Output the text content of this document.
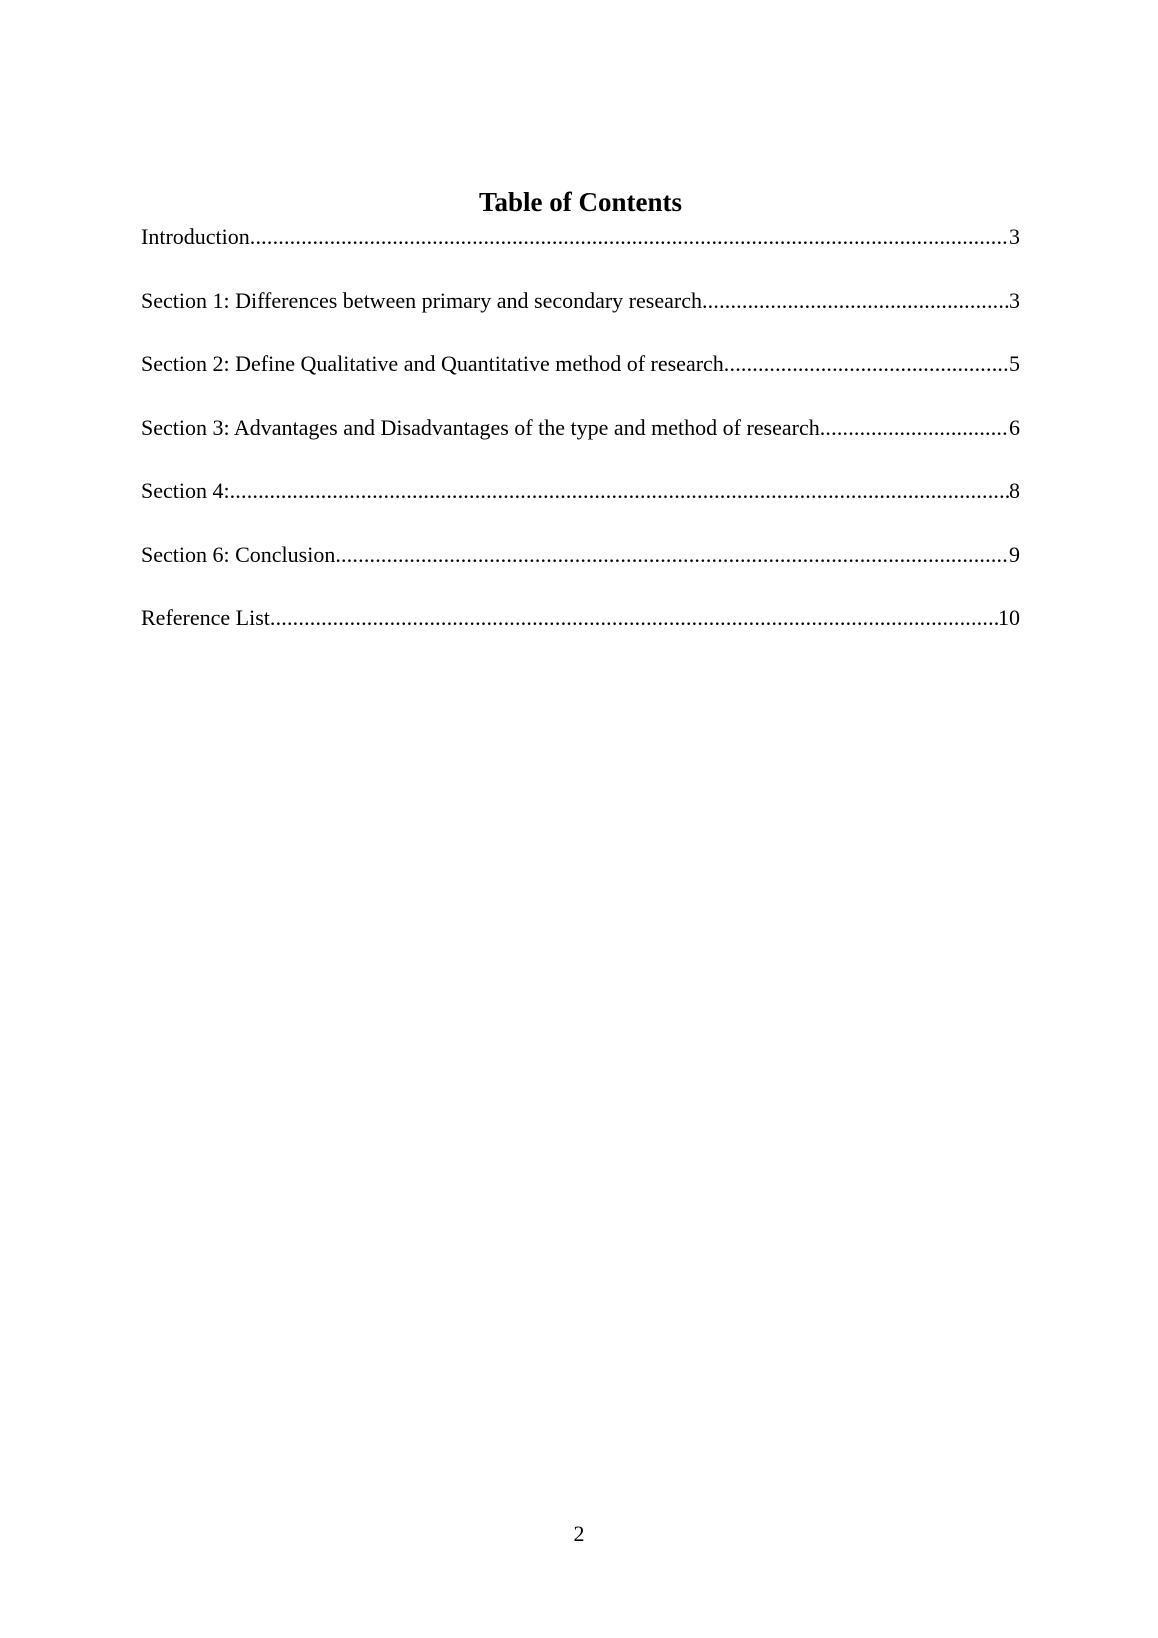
Table of Contents
Introduction .....	3
Section 1: Differences between primary and secondary research .....	3
Section 2: Define Qualitative and Quantitative method of research .....	5
Section 3: Advantages and Disadvantages of the type and method of research .....	6
Section 4: .....	8
Section 6: Conclusion .....	9
Reference List .....	10
2
